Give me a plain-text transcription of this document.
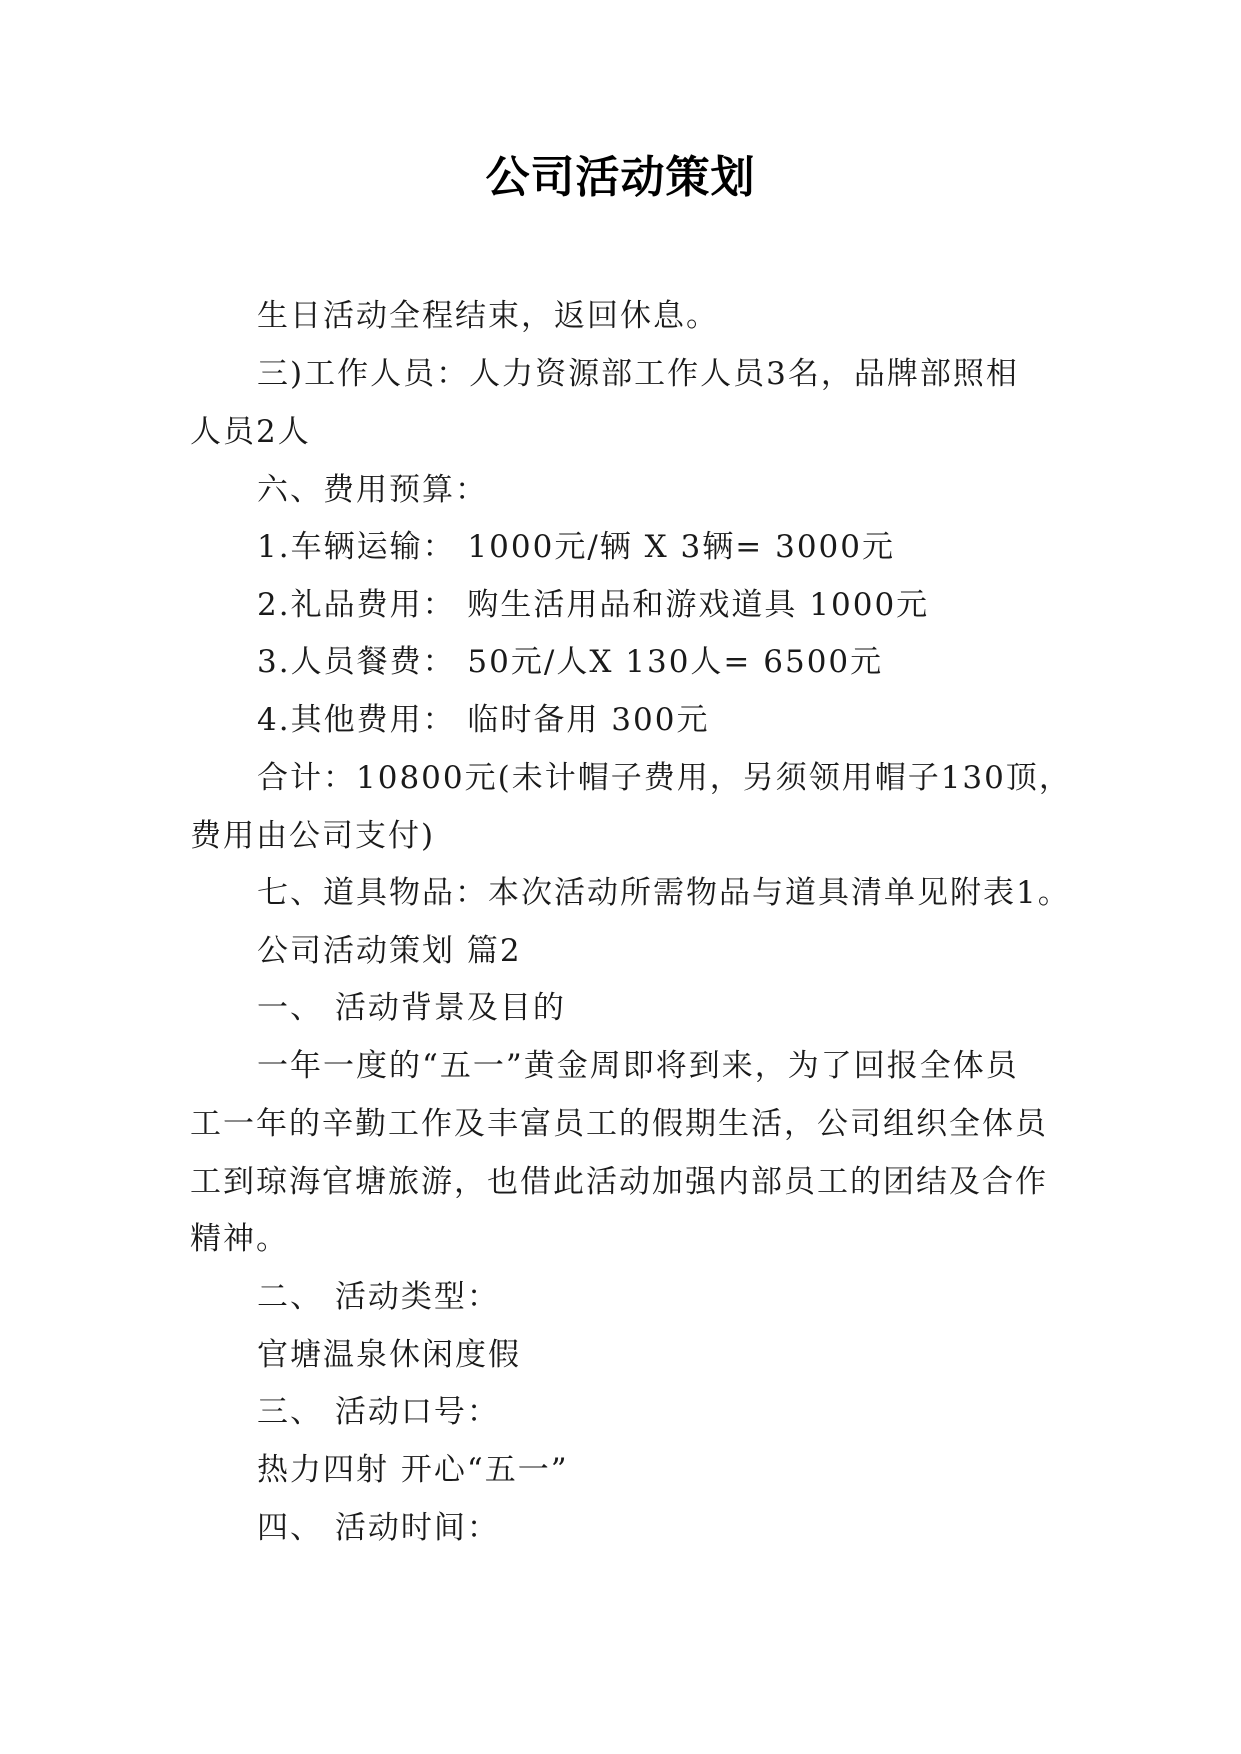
公司活动策划
生日活动全程结束，返回休息。
三)工作人员：人力资源部工作人员3名，品牌部照相
人员2人
六、费用预算：
1.车辆运输： 1000元/辆 X 3辆= 3000元
2.礼品费用： 购生活用品和游戏道具 1000元
3.人员餐费： 50元/人X 130人= 6500元
4.其他费用： 临时备用 300元
合计：10800元(未计帽子费用，另须领用帽子130顶，
费用由公司支付)
七、道具物品：本次活动所需物品与道具清单见附表1。
公司活动策划 篇2
一、 活动背景及目的
一年一度的“五一”黄金周即将到来，为了回报全体员
工一年的辛勤工作及丰富员工的假期生活，公司组织全体员
工到琼海官塘旅游，也借此活动加强内部员工的团结及合作
精神。
二、 活动类型：
官塘温泉休闲度假
三、 活动口号：
热力四射 开心“五一”
四、 活动时间：
